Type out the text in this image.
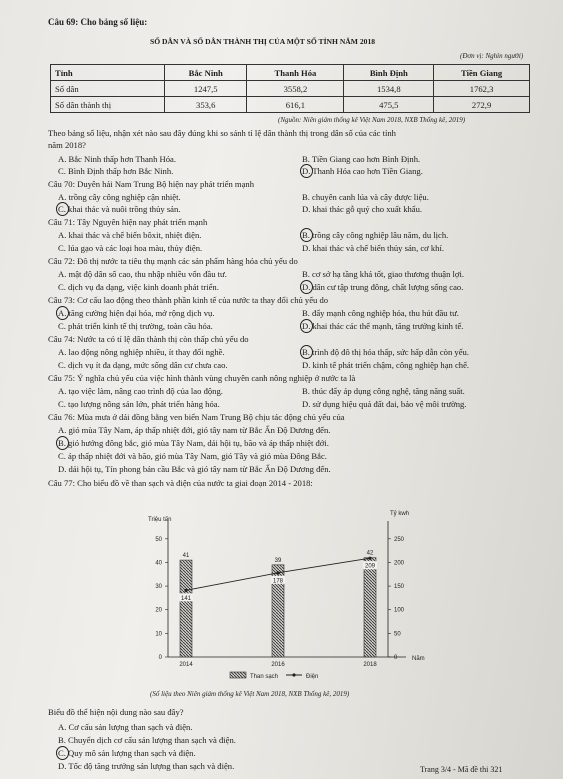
Câu 69: Cho bảng số liệu:
SỐ DÂN VÀ SỐ DÂN THÀNH THỊ CỦA MỘT SỐ TỈNH NĂM 2018
(Đơn vị: Nghìn người)
Tỉnh	Bắc Ninh	Thanh Hóa	Bình Định	Tiền Giang
Số dân	1247,5	3558,2	1534,8	1762,3
Số dân thành thị	353,6	616,1	475,5	272,9
(Nguồn: Niên giám thống kê Việt Nam 2018, NXB Thống kê, 2019)
Theo bảng số liệu, nhận xét nào sau đây đúng khi so sánh tỉ lệ dân thành thị trong dân số của các tỉnh
năm 2018?
A. Bắc Ninh thấp hơn Thanh Hóa.	B. Tiền Giang cao hơn Bình Định.
C. Bình Định thấp hơn Bắc Ninh.	D. Thanh Hóa cao hơn Tiền Giang.
Câu 70: Duyên hải Nam Trung Bộ hiện nay phát triển mạnh
A. trồng cây công nghiệp cận nhiệt.	B. chuyên canh lúa và cây được liệu.
C. khai thác và nuôi trồng thủy sản.	D. khai thác gỗ quý cho xuất khẩu.
Câu 71: Tây Nguyên hiện nay phát triển mạnh
A. khai thác và chế biến bôxit, nhiệt điện.	B. trồng cây công nghiệp lâu năm, du lịch.
C. lúa gạo và các loại hoa màu, thủy điện.	D. khai thác và chế biến thủy sản, cơ khí.
Câu 72: Đô thị nước ta tiêu thụ mạnh các sản phẩm hàng hóa chủ yếu do
A. mật độ dân số cao, thu nhập nhiều vốn đầu tư.	B. cơ sở hạ tầng khá tốt, giao thương thuận lợi.
C. dịch vụ đa dạng, việc kinh doanh phát triển.	D. dân cư tập trung đông, chất lượng sống cao.
Câu 73: Cơ cấu lao động theo thành phần kinh tế của nước ta thay đổi chủ yếu do
A. tăng cường hiện đại hóa, mở rộng dịch vụ.	B. đẩy mạnh công nghiệp hóa, thu hút đầu tư.
C. phát triển kinh tế thị trường, toàn cầu hóa.	D. khai thác các thế mạnh, tăng trưởng kinh tế.
Câu 74: Nước ta có tỉ lệ dân thành thị còn thấp chủ yếu do
A. lao động nông nghiệp nhiều, ít thay đổi nghề.	B. trình độ đô thị hóa thấp, sức hấp dẫn còn yếu.
C. dịch vụ ít đa dạng, mức sống dân cư chưa cao.	D. kinh tế phát triển chậm, công nghiệp hạn chế.
Câu 75: Ý nghĩa chủ yếu của việc hình thành vùng chuyên canh nông nghiệp ở nước ta là
A. tạo việc làm, nâng cao trình độ của lao động.	B. thúc đẩy áp dụng công nghệ, tăng năng suất.
C. tạo lượng nông sản lớn, phát triển hàng hóa.	D. sử dụng hiệu quả đất đai, bảo vệ môi trường.
Câu 76: Mùa mưa ở dải đồng bằng ven biển Nam Trung Bộ chịu tác động chủ yếu của
A. gió mùa Tây Nam, áp thấp nhiệt đới, gió tây nam từ Bắc Ấn Độ Dương đến.
B. gió hướng đông bắc, gió mùa Tây Nam, dải hội tụ, bão và áp thấp nhiệt đới.
C. áp thấp nhiệt đới và bão, gió mùa Tây Nam, gió Tây và gió mùa Đông Bắc.
D. dải hội tụ, Tín phong bán cầu Bắc và gió tây nam từ Bắc Ấn Độ Dương đến.
Câu 77: Cho biểu đồ về than sạch và điện của nước ta giai đoạn 2014 - 2018:
Triệu tấn
Tỷ kwh
Năm
0
10
20
30
40
50
0
50
100
150
200
250
41
2014
39
2016
42
2018
141
178
209
Than sạch	Điện
(Số liệu theo Niên giám thống kê Việt Nam 2018, NXB Thống kê, 2019)
Biểu đồ thể hiện nội dung nào sau đây?
A. Cơ cấu sản lượng than sạch và điện.
B. Chuyển dịch cơ cấu sản lượng than sạch và điện.
C. Quy mô sản lượng than sạch và điện.
D. Tốc độ tăng trưởng sản lượng than sạch và điện.	Trang 3/4 - Mã đề thi 321
